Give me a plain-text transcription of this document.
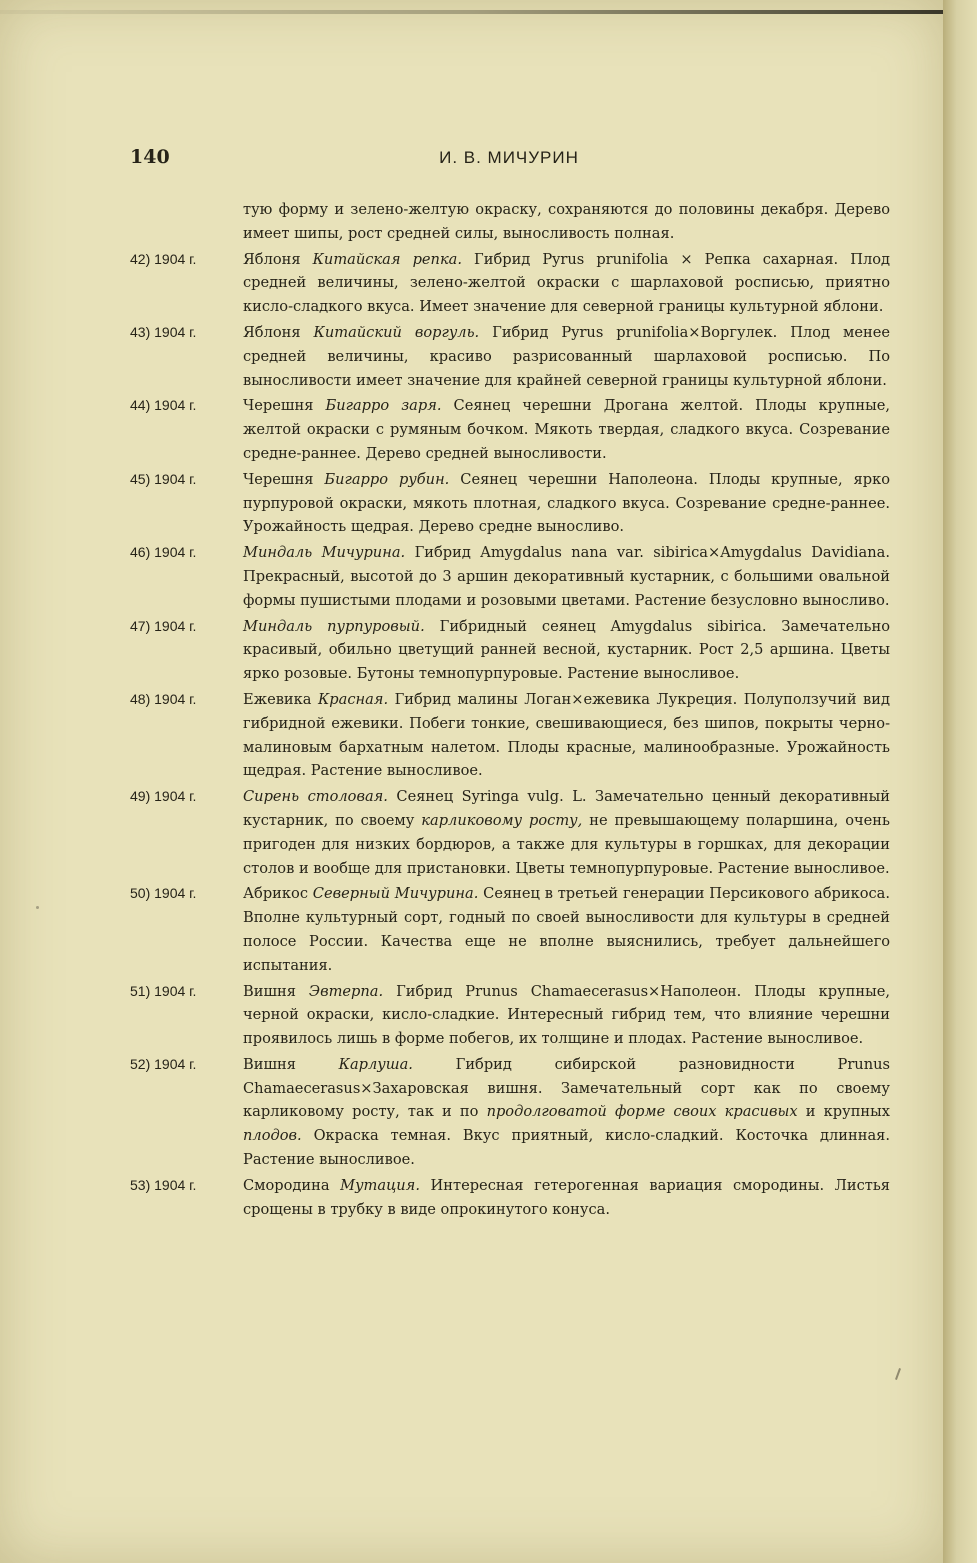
140	И. В. МИЧУРИН
тую форму и зелено-желтую окраску, сохраняются до половины декабря. Дерево имеет шипы, рост средней силы, выносливость полная.
42) 1904 г.	Яблоня Китайская репка. Гибрид Pyrus prunifolia × Репка сахарная. Плод средней величины, зелено-желтой окраски с шарлаховой росписью, приятно кисло-сладкого вкуса. Имеет значение для северной границы культурной яблони.
43) 1904 г.	Яблоня Китайский воргуль. Гибрид Pyrus prunifolia×Воргулек. Плод менее средней величины, красиво разрисованный шарлаховой росписью. По выносливости имеет значение для крайней северной границы культурной яблони.
44) 1904 г.	Черешня Бигарро заря. Сеянец черешни Дрогана желтой. Плоды крупные, желтой окраски с румяным бочком. Мякоть твердая, сладкого вкуса. Созревание средне-раннее. Дерево средней выносливости.
45) 1904 г.	Черешня Бигарро рубин. Сеянец черешни Наполеона. Плоды крупные, ярко пурпуровой окраски, мякоть плотная, сладкого вкуса. Созревание средне-раннее. Урожайность щедрая. Дерево средне выносливо.
46) 1904 г.	Миндаль Мичурина. Гибрид Amygdalus nana var. sibirica×Amygdalus Davidiana. Прекрасный, высотой до 3 аршин декоративный кустарник, с большими овальной формы пушистыми плодами и розовыми цветами. Растение безусловно выносливо.
47) 1904 г.	Миндаль пурпуровый. Гибридный сеянец Amygdalus sibirica. Замечательно красивый, обильно цветущий ранней весной, кустарник. Рост 2,5 аршина. Цветы ярко розовые. Бутоны темнопурпуровые. Растение выносливое.
48) 1904 г.	Ежевика Красная. Гибрид малины Логан×ежевика Лукреция. Полуползучий вид гибридной ежевики. Побеги тонкие, свешивающиеся, без шипов, покрыты черно-малиновым бархатным налетом. Плоды красные, малинообразные. Урожайность щедрая. Растение выносливое.
49) 1904 г.	Сирень столовая. Сеянец Syringa vulg. L. Замечательно ценный декоративный кустарник, по своему карликовому росту, не превышающему поларшина, очень пригоден для низких бордюров, а также для культуры в горшках, для декорации столов и вообще для пристановки. Цветы темнопурпуровые. Растение выносливое.
50) 1904 г.	Абрикос Северный Мичурина. Сеянец в третьей генерации Персикового абрикоса. Вполне культурный сорт, годный по своей выносливости для культуры в средней полосе России. Качества еще не вполне выяснились, требует дальнейшего испытания.
51) 1904 г.	Вишня Эвтерпа. Гибрид Prunus Chamaecerasus×Наполеон. Плоды крупные, черной окраски, кисло-сладкие. Интересный гибрид тем, что влияние черешни проявилось лишь в форме побегов, их толщине и плодах. Растение выносливое.
52) 1904 г.	Вишня Карлуша. Гибрид сибирской разновидности Prunus Chamaecerasus×Захаровская вишня. Замечательный сорт как по своему карликовому росту, так и по продолговатой форме своих красивых и крупных плодов. Окраска темная. Вкус приятный, кисло-сладкий. Косточка длинная. Растение выносливое.
53) 1904 г.	Смородина Мутация. Интересная гетерогенная вариация смородины. Листья срощены в трубку в виде опрокинутого конуса.
